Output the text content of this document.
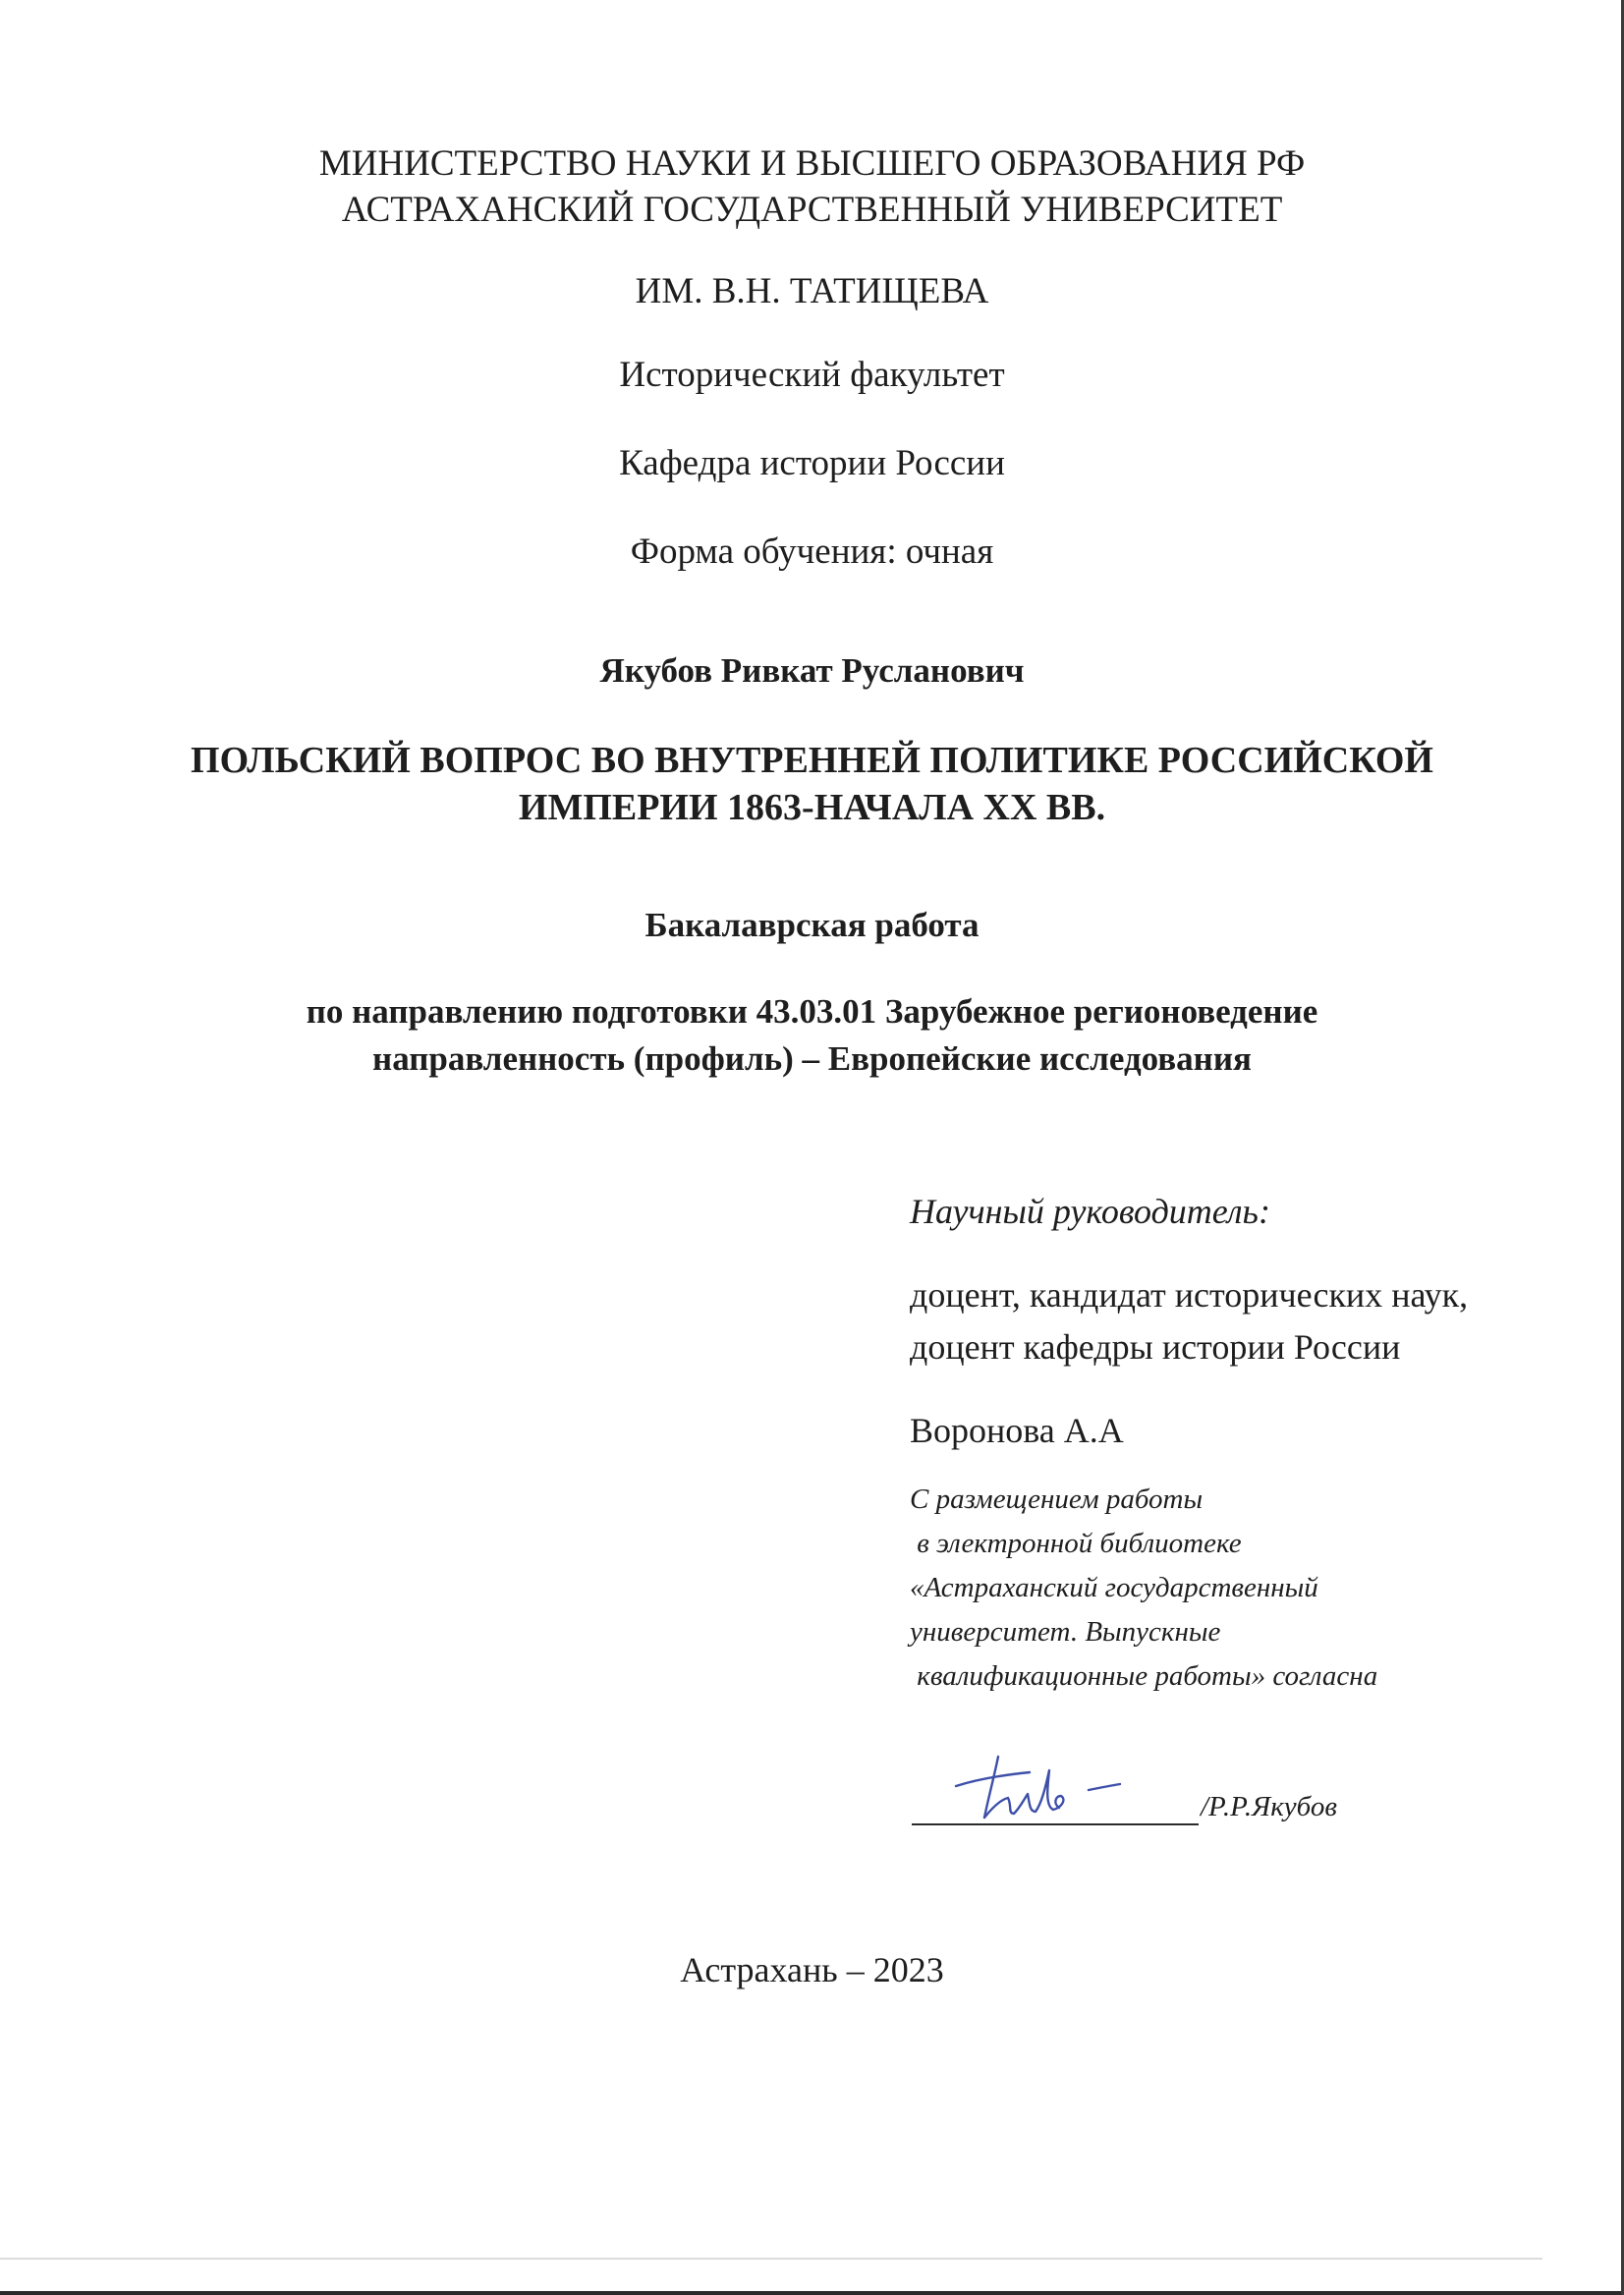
МИНИСТЕРСТВО НАУКИ И ВЫСШЕГО ОБРАЗОВАНИЯ РФ
АСТРАХАНСКИЙ ГОСУДАРСТВЕННЫЙ УНИВЕРСИТЕТ
ИМ. В.Н. ТАТИЩЕВА
Исторический факультет
Кафедра истории России
Форма обучения: очная
Якубов Ривкат Русланович
ПОЛЬСКИЙ ВОПРОС ВО ВНУТРЕННЕЙ ПОЛИТИКЕ РОССИЙСКОЙ
ИМПЕРИИ 1863-НАЧАЛА XX ВВ.
Бакалаврская работа
по направлению подготовки 43.03.01 Зарубежное регионоведение
направленность (профиль) – Европейские исследования
Научный руководитель:
доцент, кандидат исторических наук,
доцент кафедры истории России
Воронова А.А
С размещением работы
в электронной библиотеке
«Астраханский государственный
университет. Выпускные
квалификационные работы» согласна
/Р.Р.Якубов
Астрахань – 2023
